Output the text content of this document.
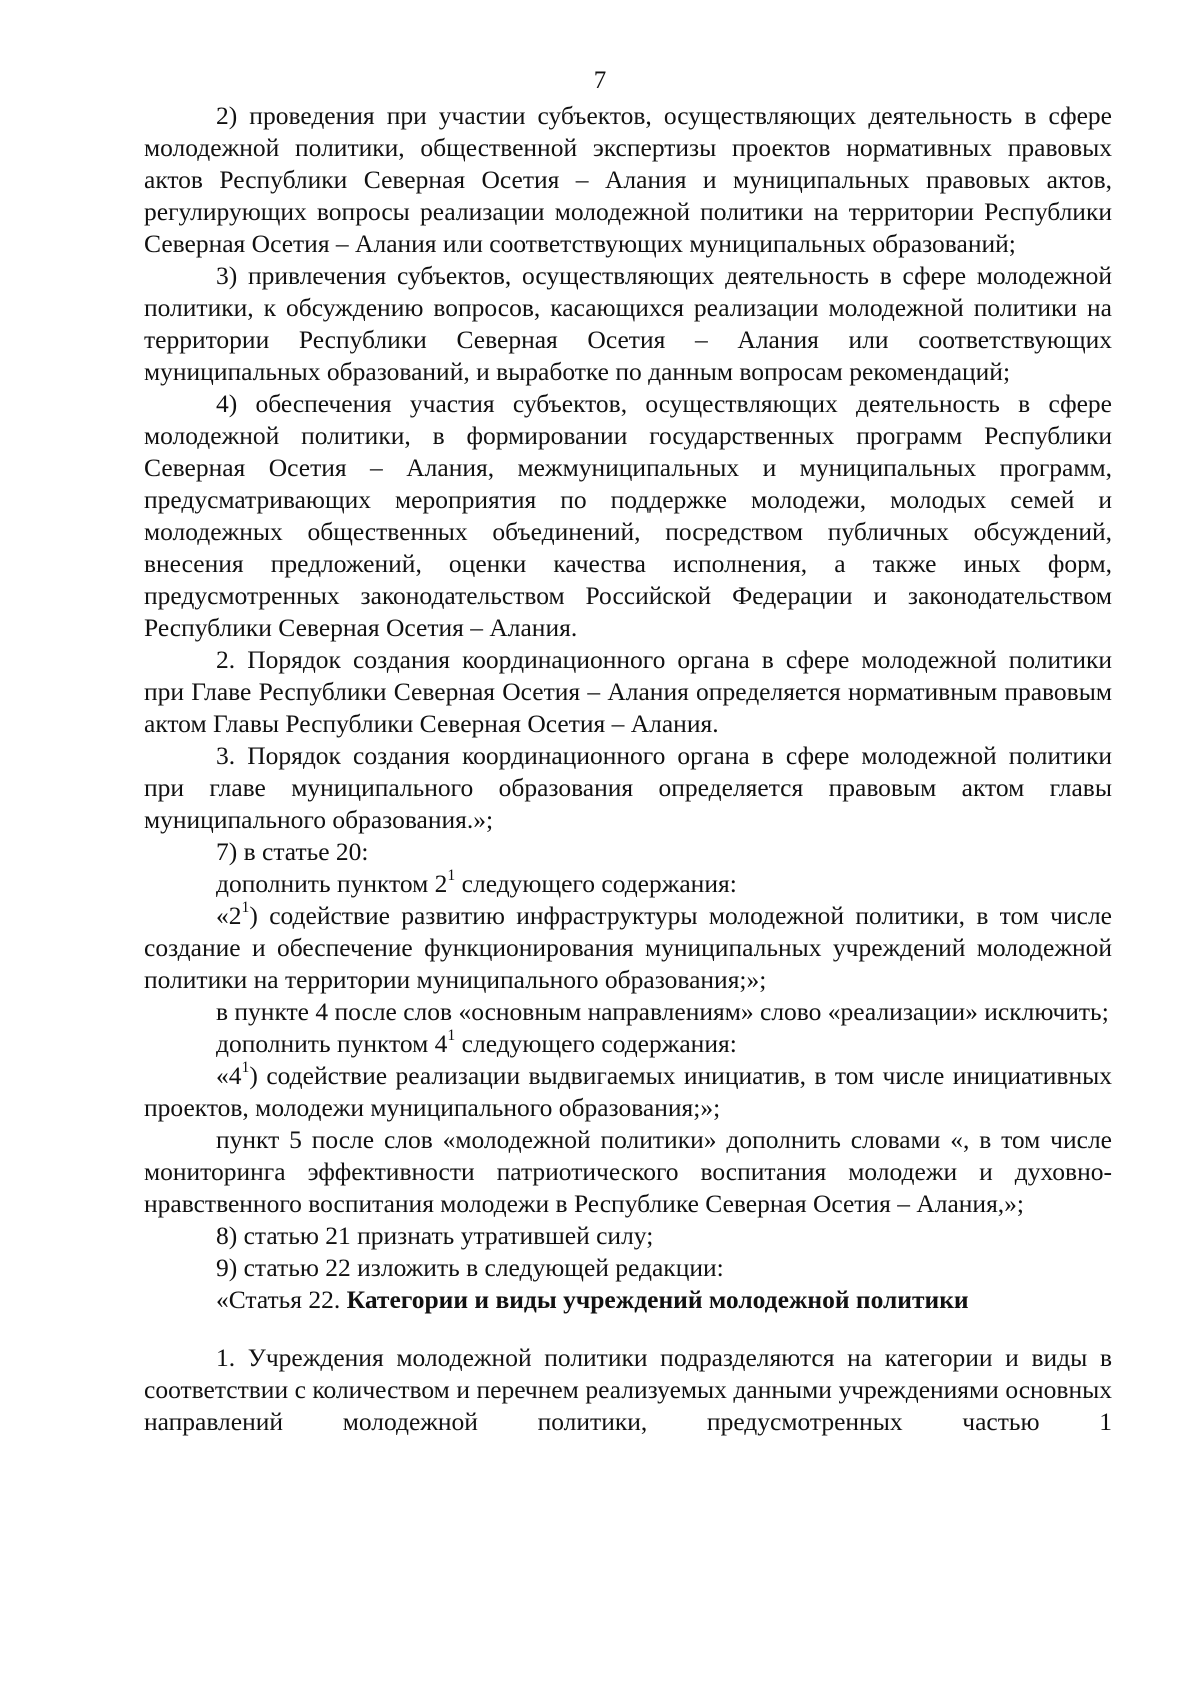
7

2) проведения при участии субъектов, осуществляющих деятельность в сфере молодежной политики, общественной экспертизы проектов нормативных правовых актов Республики Северная Осетия – Алания и муниципальных правовых актов, регулирующих вопросы реализации молодежной политики на территории Республики Северная Осетия – Алания или соответствующих муниципальных образований;

3) привлечения субъектов, осуществляющих деятельность в сфере молодежной политики, к обсуждению вопросов, касающихся реализации молодежной политики на территории Республики Северная Осетия – Алания или соответствующих муниципальных образований, и выработке по данным вопросам рекомендаций;

4) обеспечения участия субъектов, осуществляющих деятельность в сфере молодежной политики, в формировании государственных программ Республики Северная Осетия – Алания, межмуниципальных и муниципальных программ, предусматривающих мероприятия по поддержке молодежи, молодых семей и молодежных общественных объединений, посредством публичных обсуждений, внесения предложений, оценки качества исполнения, а также иных форм, предусмотренных законодательством Российской Федерации и законодательством Республики Северная Осетия – Алания.

2. Порядок создания координационного органа в сфере молодежной политики при Главе Республики Северная Осетия – Алания определяется нормативным правовым актом Главы Республики Северная Осетия – Алания.

3. Порядок создания координационного органа в сфере молодежной политики при главе муниципального образования определяется правовым актом главы муниципального образования.»;

7) в статье 20:

дополнить пунктом $2^1$ следующего содержания:

«$2^1$) содействие развитию инфраструктуры молодежной политики, в том числе создание и обеспечение функционирования муниципальных учреждений молодежной политики на территории муниципального образования;»;

в пункте 4 после слов «основным направлениям» слово «реализации» исключить;

дополнить пунктом $4^1$ следующего содержания:

«$4^1$) содействие реализации выдвигаемых инициатив, в том числе инициативных проектов, молодежи муниципального образования;»;

пункт 5 после слов «молодежной политики» дополнить словами «, в том числе мониторинга эффективности патриотического воспитания молодежи и духовно-нравственного воспитания молодежи в Республике Северная Осетия – Алания,»;

8) статью 21 признать утратившей силу;

9) статью 22 изложить в следующей редакции:

«Статья 22. Категории и виды учреждений молодежной политики

1. Учреждения молодежной политики подразделяются на категории и виды в соответствии с количеством и перечнем реализуемых данными учреждениями основных направлений молодежной политики, предусмотренных частью 1
